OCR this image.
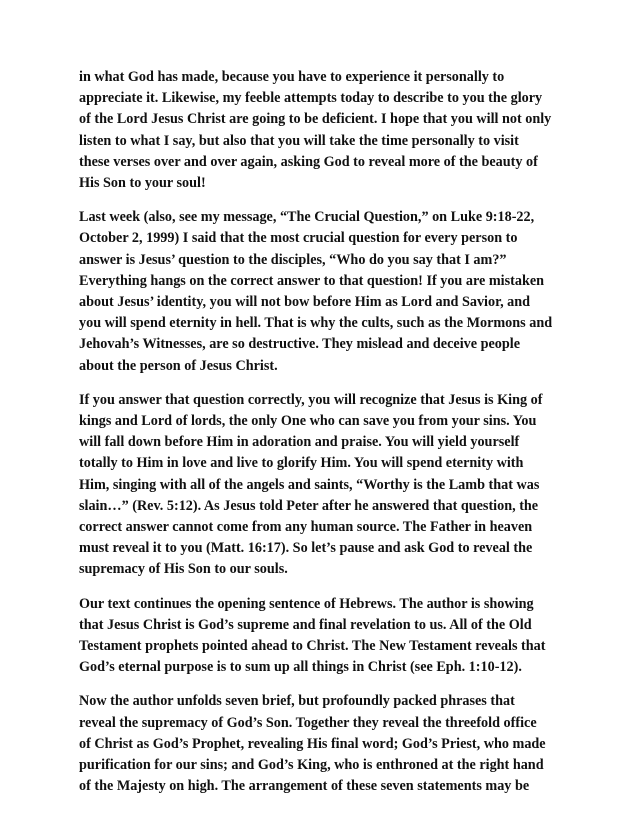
in what God has made, because you have to experience it personally to
appreciate it. Likewise, my feeble attempts today to describe to you the glory
of the Lord Jesus Christ are going to be deficient. I hope that you will not only
listen to what I say, but also that you will take the time personally to visit
these verses over and over again, asking God to reveal more of the beauty of
His Son to your soul!

Last week (also, see my message, “The Crucial Question,” on Luke 9:18-22,
October 2, 1999) I said that the most crucial question for every person to
answer is Jesus’ question to the disciples, “Who do you say that I am?”
Everything hangs on the correct answer to that question! If you are mistaken
about Jesus’ identity, you will not bow before Him as Lord and Savior, and
you will spend eternity in hell. That is why the cults, such as the Mormons and
Jehovah’s Witnesses, are so destructive. They mislead and deceive people
about the person of Jesus Christ.

If you answer that question correctly, you will recognize that Jesus is King of
kings and Lord of lords, the only One who can save you from your sins. You
will fall down before Him in adoration and praise. You will yield yourself
totally to Him in love and live to glorify Him. You will spend eternity with
Him, singing with all of the angels and saints, “Worthy is the Lamb that was
slain…” (Rev. 5:12). As Jesus told Peter after he answered that question, the
correct answer cannot come from any human source. The Father in heaven
must reveal it to you (Matt. 16:17). So let’s pause and ask God to reveal the
supremacy of His Son to our souls.

Our text continues the opening sentence of Hebrews. The author is showing
that Jesus Christ is God’s supreme and final revelation to us. All of the Old
Testament prophets pointed ahead to Christ. The New Testament reveals that
God’s eternal purpose is to sum up all things in Christ (see Eph. 1:10-12).

Now the author unfolds seven brief, but profoundly packed phrases that
reveal the supremacy of God’s Son. Together they reveal the threefold office
of Christ as God’s Prophet, revealing His final word; God’s Priest, who made
purification for our sins; and God’s King, who is enthroned at the right hand
of the Majesty on high. The arrangement of these seven statements may be
